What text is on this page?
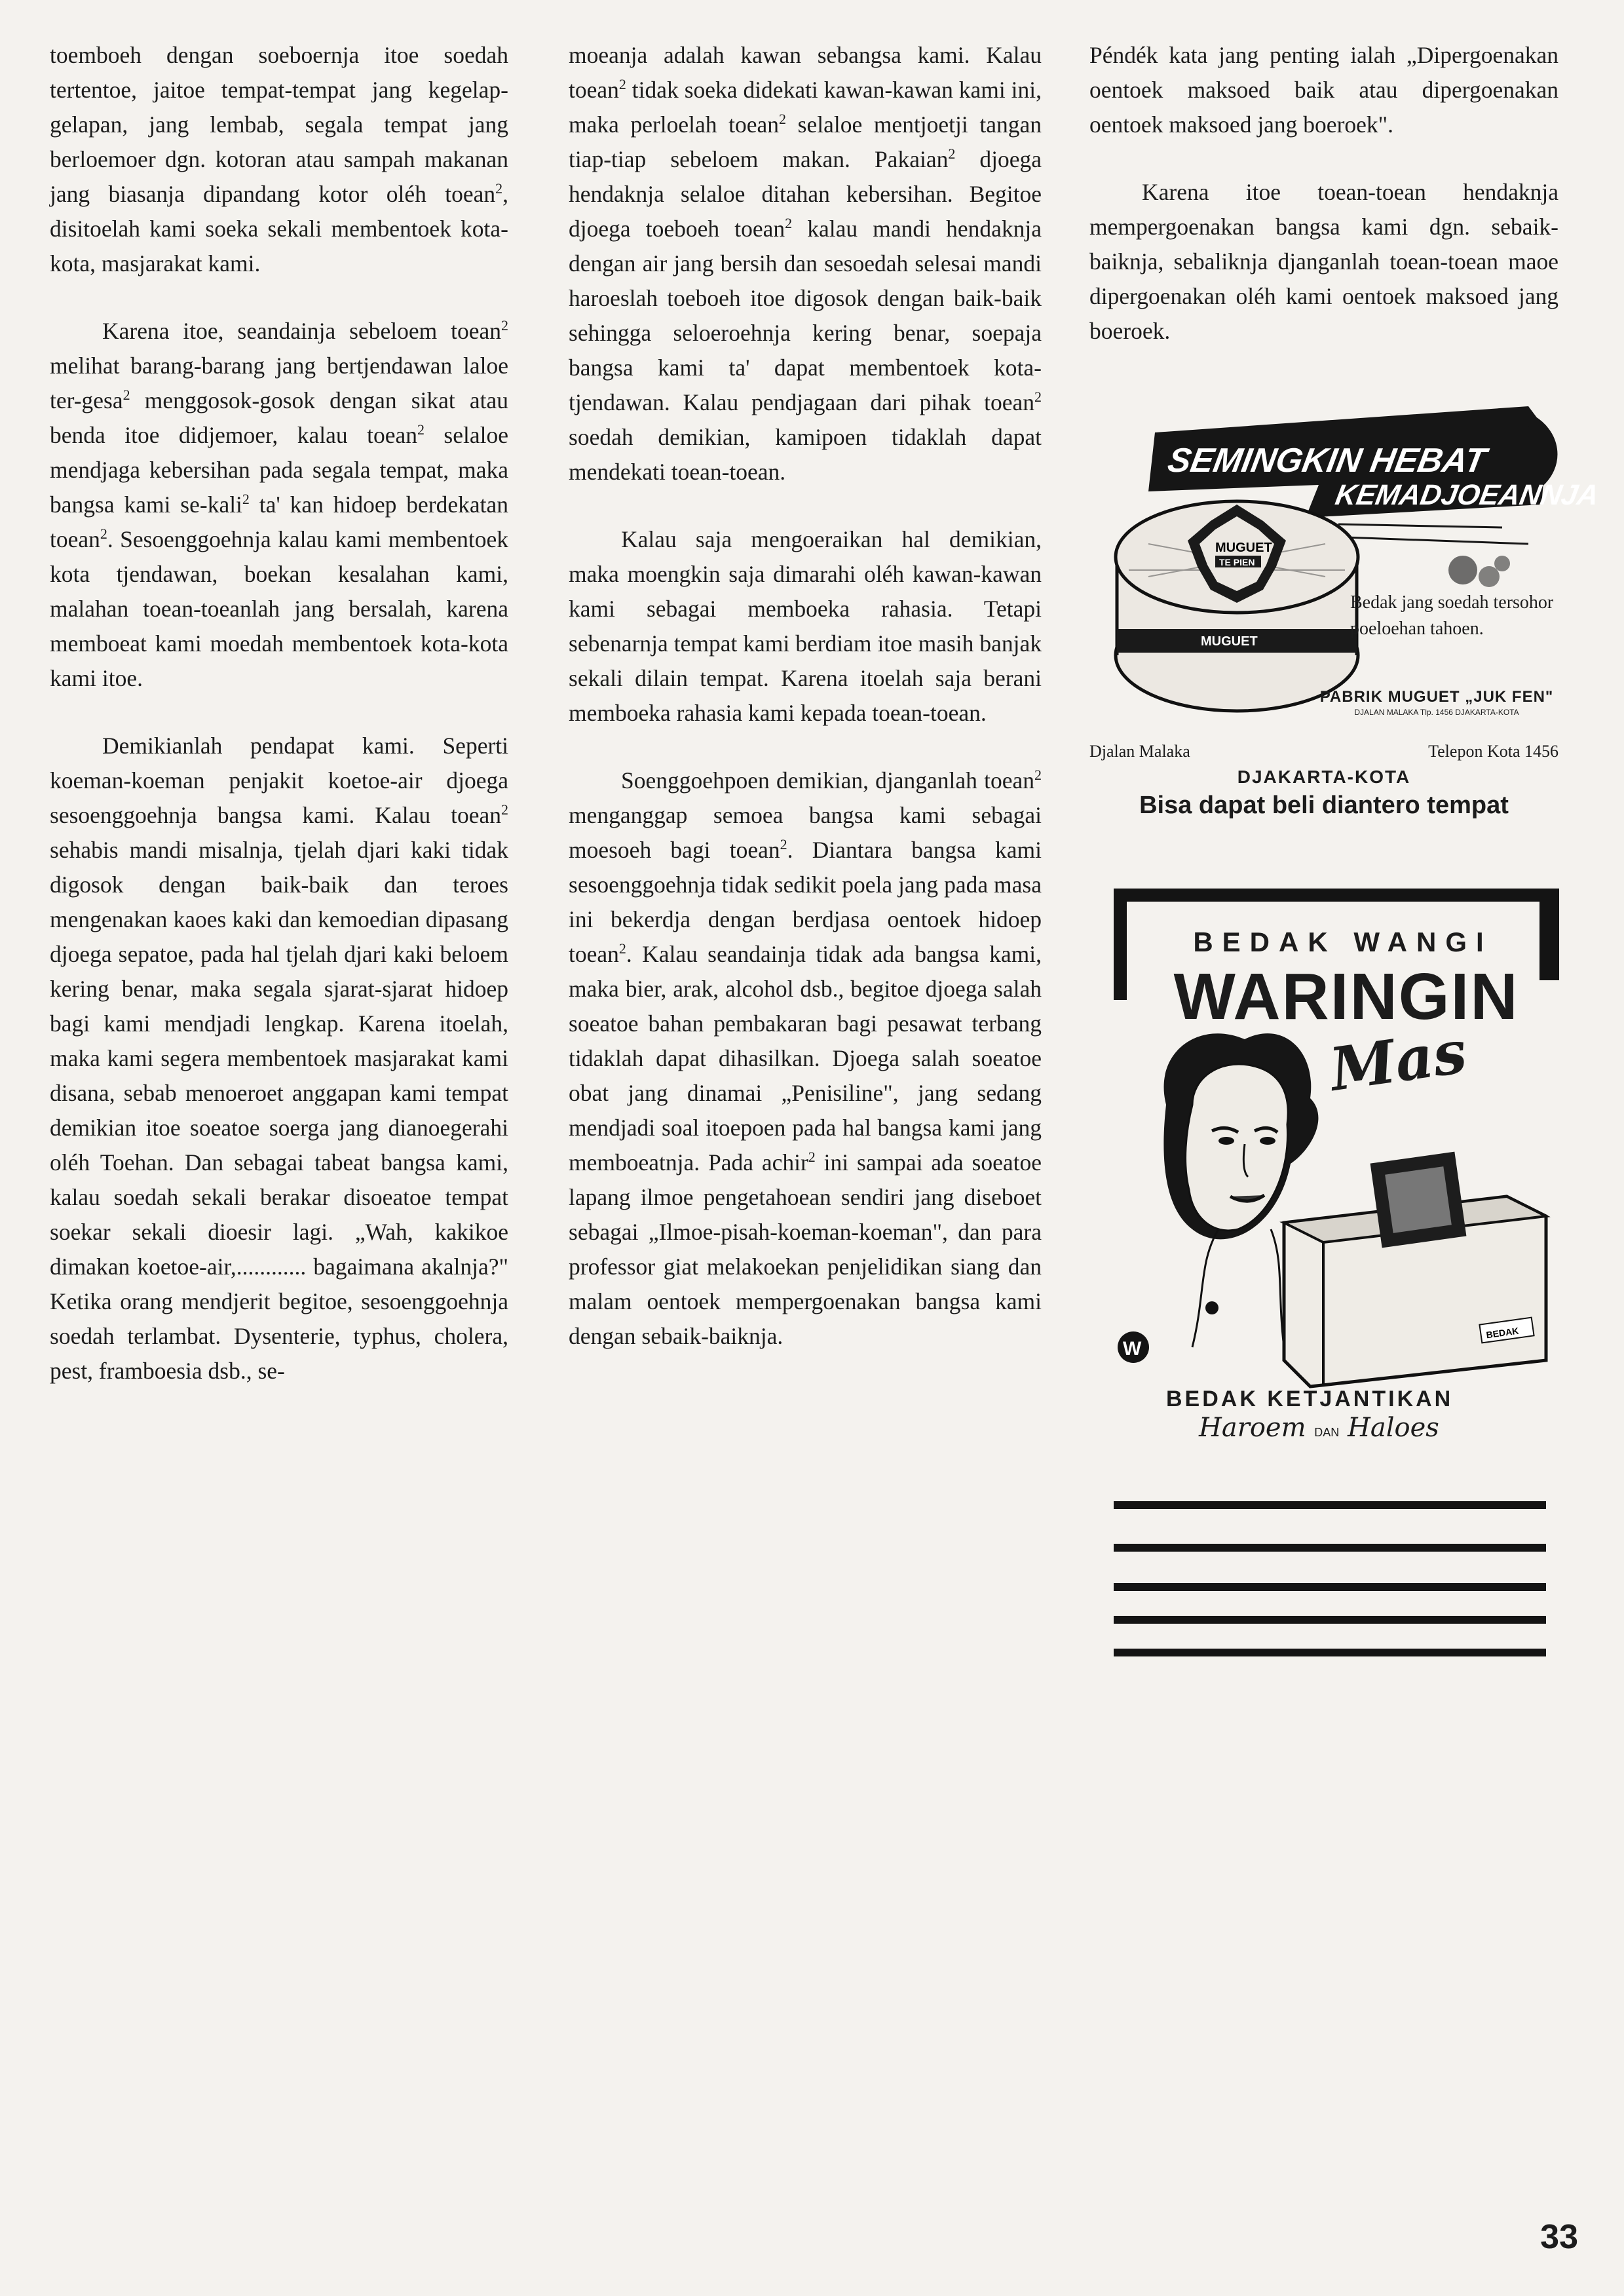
toemboeh dengan soeboernja itoe soedah tertentoe, jaitoe tempat-tempat jang kegelap-gelapan, jang lembab, segala tempat jang berloemoer dgn. kotoran atau sampah makanan jang biasanja dipandang kotor oléh toean$^2$, disitoelah kami soeka sekali membentoek kota-kota, masjarakat kami.

Karena itoe, seandainja sebeloem toean$^2$ melihat barang-barang jang bertjendawan laloe ter-gesa$^2$ menggosok-gosok dengan sikat atau benda itoe didjemoer, kalau toean$^2$ selaloe mendjaga kebersihan pada segala tempat, maka bangsa kami se-kali$^2$ ta' kan hidoep berdekatan toean$^2$. Sesoenggoehnja kalau kami membentoek kota tjendawan, boekan kesalahan kami, malahan toean-toeanlah jang bersalah, karena memboeat kami moedah membentoek kota-kota kami itoe.

Demikianlah pendapat kami. Seperti koeman-koeman penjakit koetoe-air djoega sesoenggoehnja bangsa kami. Kalau toean$^2$ sehabis mandi misalnja, tjelah djari kaki tidak digosok dengan baik-baik dan teroes mengenakan kaoes kaki dan kemoedian dipasang djoega sepatoe, pada hal tjelah djari kaki beloem kering benar, maka segala sjarat-sjarat hidoep bagi kami mendjadi lengkap. Karena itoelah, maka kami segera membentoek masjarakat kami disana, sebab menoeroet anggapan kami tempat demikian itoe soeatoe soerga jang dianoegerahi oléh Toehan. Dan sebagai tabeat bangsa kami, kalau soedah sekali berakar disoeatoe tempat soekar sekali dioesir lagi. „Wah, kakikoe dimakan koetoe-air,............ bagaimana akalnja?" Ketika orang mendjerit begitoe, sesoenggoehnja soedah terlambat. Dysenterie, typhus, cholera, pest, framboesia dsb., se-

moeanja adalah kawan sebangsa kami. Kalau toean$^2$ tidak soeka didekati kawan-kawan kami ini, maka perloelah toean$^2$ selaloe mentjoetji tangan tiap-tiap sebeloem makan. Pakaian$^2$ djoega hendaknja selaloe ditahan kebersihan. Begitoe djoega toeboeh toean$^2$ kalau mandi hendaknja dengan air jang bersih dan sesoedah selesai mandi haroeslah toeboeh itoe digosok dengan baik-baik sehingga seloeroehnja kering benar, soepaja bangsa kami ta' dapat membentoek kota-tjendawan. Kalau pendjagaan dari pihak toean$^2$ soedah demikian, kamipoen tidaklah dapat mendekati toean-toean.

Kalau saja mengoeraikan hal demikian, maka moengkin saja dimarahi oléh kawan-kawan kami sebagai memboeka rahasia. Tetapi sebenarnja tempat kami berdiam itoe masih banjak sekali dilain tempat. Karena itoelah saja berani memboeka rahasia kami kepada toean-toean.

Soenggoehpoen demikian, djanganlah toean$^2$ menganggap semoea bangsa kami sebagai moesoeh bagi toean$^2$. Diantara bangsa kami sesoenggoehnja tidak sedikit poela jang pada masa ini bekerdja dengan berdjasa oentoek hidoep toean$^2$. Kalau seandainja tidak ada bangsa kami, maka bier, arak, alcohol dsb., begitoe djoega salah soeatoe bahan pembakaran bagi pesawat terbang tidaklah dapat dihasilkan. Djoega salah soeatoe obat jang dinamai „Penisiline", jang sedang mendjadi soal itoepoen pada hal bangsa kami jang memboeatnja. Pada achir$^2$ ini sampai ada soeatoe lapang ilmoe pengetahoean sendiri jang diseboet sebagai „Ilmoe-pisah-koeman-koeman", dan para professor giat melakoekan penjelidikan siang dan malam oentoek mempergoenakan bangsa kami dengan sebaik-baiknja.

Péndék kata jang penting ialah „Dipergoenakan oentoek maksoed baik atau dipergoenakan oentoek maksoed jang boeroek".

Karena itoe toean-toean hendaknja mempergoenakan bangsa kami dgn. sebaik-baiknja, sebaliknja djanganlah toean-toean maoe dipergoenakan oléh kami oentoek maksoed jang boeroek.

SEMINGKIN HEBAT
KEMADJOEANNJA
MUGUET
MUGUET
TE PIEN
Bedak jang soedah tersohor poeloehan tahoen.
PABRIK MUGUET „JUK FEN"
DJALAN MALAKA Tlp. 1456 DJAKARTA-KOTA
Djalan Malaka	Telepon Kota 1456
DJAKARTA-KOTA
Bisa dapat beli diantero tempat
W
BEDAK
BEDAK WANGI
WARINGIN
Mas
BEDAK KETJANTIKAN
Haroem DAN Haloes

33
